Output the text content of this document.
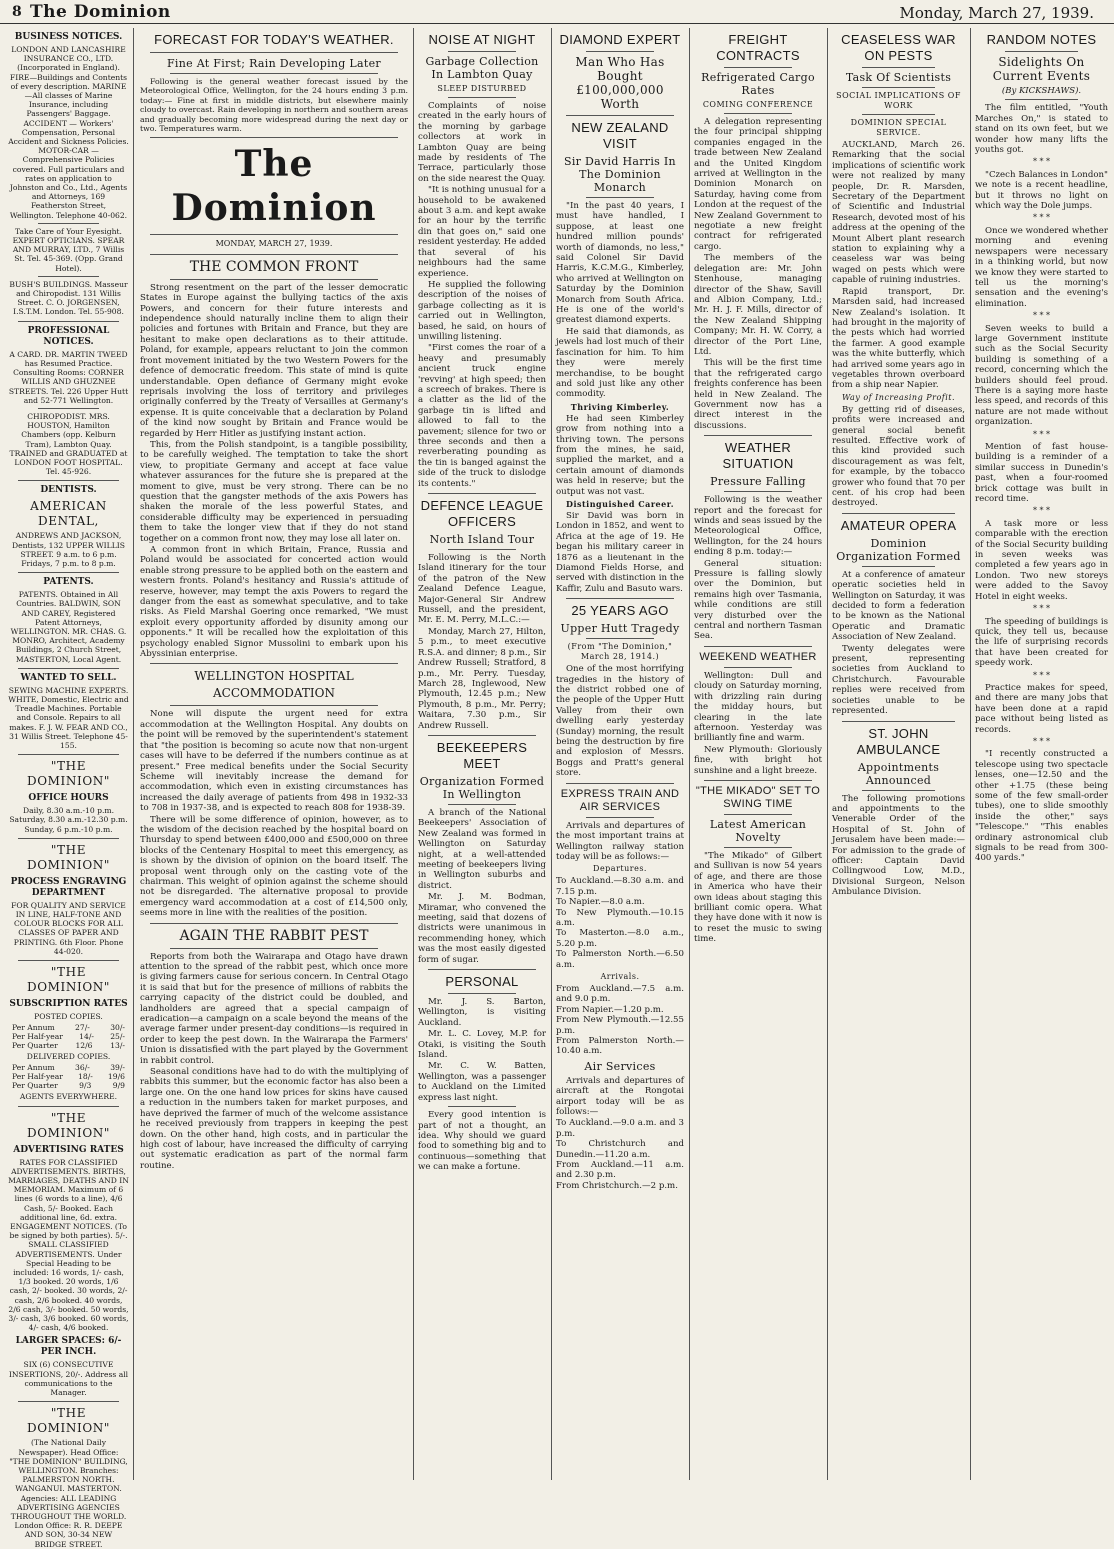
8 The Dominion	Monday, March 27, 1939.
BUSINESS NOTICES.
LONDON AND LANCASHIRE INSURANCE CO., LTD. (Incorporated in England). FIRE—Buildings and Contents of every description. MARINE—All classes of Marine Insurance, including Passengers' Baggage. ACCIDENT — Workers' Compensation, Personal Accident and Sickness Policies. MOTOR-CAR — Comprehensive Policies covered. Full particulars and rates on application to Johnston and Co., Ltd., Agents and Attorneys, 169 Featherston Street, Wellington. Telephone 40-062.
Take Care of Your Eyesight. EXPERT OPTICIANS. SPEAR AND MURRAY, LTD., 7 Willis St. Tel. 45-369. (Opp. Grand Hotel).
BUSH'S BUILDINGS. Masseur and Chiropodist. 131 Willis Street. C. O. JORGENSEN, I.S.T.M. London. Tel. 55-908.
PROFESSIONAL NOTICES.
A CARD. DR. MARTIN TWEED has Resumed Practice. Consulting Rooms: CORNER WILLIS AND GHUZNEE STREETS. Tel. 226 Upper Hutt and 52-771 Wellington.
CHIROPODIST. MRS. HOUSTON, Hamilton Chambers (opp. Kelburn Tram), Lambton Quay. TRAINED and GRADUATED at LONDON FOOT HOSPITAL. Tel. 45-926.
DENTISTS.
AMERICAN DENTAL,
ANDREWS AND JACKSON, Dentists, 132 UPPER WILLIS STREET. 9 a.m. to 6 p.m. Fridays, 7 p.m. to 8 p.m.
PATENTS.
PATENTS. Obtained in All Countries. BALDWIN, SON AND CAREY, Registered Patent Attorneys, WELLINGTON. MR. CHAS. G. MONRO, Architect, Academy Buildings, 2 Church Street, MASTERTON, Local Agent.
WANTED TO SELL.
SEWING MACHINE EXPERTS. WHITE, Domestic, Electric and Treadle Machines. Portable and Console. Repairs to all makes. F. J. W. FEAR AND CO., 31 Willis Street. Telephone 45-155.
"THE DOMINION"
OFFICE HOURS
Daily, 8.30 a.m.-10 p.m. Saturday, 8.30 a.m.-12.30 p.m. Sunday, 6 p.m.-10 p.m.
"THE DOMINION"
PROCESS ENGRAVING DEPARTMENT
FOR QUALITY AND SERVICE IN LINE, HALF-TONE AND COLOUR BLOCKS FOR ALL CLASSES OF PAPER AND PRINTING. 6th Floor. Phone 44-020.
"THE DOMINION"
SUBSCRIPTION RATES
POSTED COPIES.
Per Annum	27/-	30/-
Per Half-year 14/- 25/-
Per Quarter 12/6 13/-
DELIVERED COPIES.
Per Annum	36/-	39/-
Per Half-year 18/- 19/6
Per Quarter	9/3	9/9
AGENTS EVERYWHERE.
"THE DOMINION"
ADVERTISING RATES
RATES FOR CLASSIFIED ADVERTISEMENTS. BIRTHS, MARRIAGES, DEATHS AND IN MEMORIAM. Maximum of 6 lines (6 words to a line), 4/6 Cash, 5/- Booked. Each additional line, 6d. extra. ENGAGEMENT NOTICES. (To be signed by both parties). 5/-. SMALL CLASSIFIED ADVERTISEMENTS. Under Special Heading to be included: 16 words, 1/- cash, 1/3 booked. 20 words, 1/6 cash, 2/- booked. 30 words, 2/- cash, 2/6 booked. 40 words, 2/6 cash, 3/- booked. 50 words, 3/- cash, 3/6 booked. 60 words, 4/- cash, 4/6 booked.
LARGER SPACES: 6/- PER INCH.
SIX (6) CONSECUTIVE INSERTIONS, 20/-. Address all communications to the Manager.
"THE DOMINION"
(The National Daily Newspaper). Head Office: "THE DOMINION" BUILDING, WELLINGTON. Branches: PALMERSTON NORTH. WANGANUI. MASTERTON. Agencies: ALL LEADING ADVERTISING AGENCIES THROUGHOUT THE WORLD. London Office: R. R. DEEPE AND SON, 30-34 NEW BRIDGE STREET.
FORECAST FOR TODAY'S WEATHER.
Fine At First; Rain Developing Later

Following is the general weather forecast issued by the Meteorological Office, Wellington, for the 24 hours ending 3 p.m. today:— Fine at first in middle districts, but elsewhere mainly cloudy to overcast. Rain developing in northern and southern areas and gradually becoming more widespread during the next day or two. Temperatures warm.

The Dominion
MONDAY, MARCH 27, 1939.
THE COMMON FRONT

Strong resentment on the part of the lesser democratic States in Europe against the bullying tactics of the axis Powers, and concern for their future interests and independence should naturally incline them to align their policies and fortunes with Britain and France, but they are hesitant to make open declarations as to their attitude. Poland, for example, appears reluctant to join the common front movement initiated by the two Western Powers for the defence of democratic freedom. This state of mind is quite understandable. Open defiance of Germany might evoke reprisals involving the loss of territory and privileges originally conferred by the Treaty of Versailles at Germany's expense. It is quite conceivable that a declaration by Poland of the kind now sought by Britain and France would be regarded by Herr Hitler as justifying instant action.

This, from the Polish standpoint, is a tangible possibility, to be carefully weighed. The temptation to take the short view, to propitiate Germany and accept at face value whatever assurances for the future she is prepared at the moment to give, must be very strong. There can be no question that the gangster methods of the axis Powers has shaken the morale of the less powerful States, and considerable difficulty may be experienced in persuading them to take the longer view that if they do not stand together on a common front now, they may lose all later on.

A common front in which Britain, France, Russia and Poland would be associated for concerted action would enable strong pressure to be applied both on the eastern and western fronts. Poland's hesitancy and Russia's attitude of reserve, however, may tempt the axis Powers to regard the danger from the east as somewhat speculative, and to take risks. As Field Marshal Goering once remarked, "We must exploit every opportunity afforded by disunity among our opponents." It will be recalled how the exploitation of this psychology enabled Signor Mussolini to embark upon his Abyssinian enterprise.

WELLINGTON HOSPITAL ACCOMMODATION

None will dispute the urgent need for extra accommodation at the Wellington Hospital. Any doubts on the point will be removed by the superintendent's statement that "the position is becoming so acute now that non-urgent cases will have to be deferred if the numbers continue as at present." Free medical benefits under the Social Security Scheme will inevitably increase the demand for accommodation, which even in existing circumstances has increased the daily average of patients from 498 in 1932-33 to 708 in 1937-38, and is expected to reach 808 for 1938-39.

There will be some difference of opinion, however, as to the wisdom of the decision reached by the hospital board on Thursday to spend between £400,000 and £500,000 on three blocks of the Centenary Hospital to meet this emergency, as is shown by the division of opinion on the board itself. The proposal went through only on the casting vote of the chairman. This weight of opinion against the scheme should not be disregarded. The alternative proposal to provide emergency ward accommodation at a cost of £14,500 only, seems more in line with the realities of the position.

AGAIN THE RABBIT PEST

Reports from both the Wairarapa and Otago have drawn attention to the spread of the rabbit pest, which once more is giving farmers cause for serious concern. In Central Otago it is said that but for the presence of millions of rabbits the carrying capacity of the district could be doubled, and landholders are agreed that a special campaign of eradication—a campaign on a scale beyond the means of the average farmer under present-day conditions—is required in order to keep the pest down. In the Wairarapa the Farmers' Union is dissatisfied with the part played by the Government in rabbit control.

Seasonal conditions have had to do with the multiplying of rabbits this summer, but the economic factor has also been a large one. On the one hand low prices for skins have caused a reduction in the numbers taken for market purposes, and have deprived the farmer of much of the welcome assistance he received previously from trappers in keeping the pest down. On the other hand, high costs, and in particular the high cost of labour, have increased the difficulty of carrying out systematic eradication as part of the normal farm routine.

NOISE AT NIGHT
Garbage Collection In Lambton Quay
SLEEP DISTURBED

Complaints of noise created in the early hours of the morning by garbage collectors at work in Lambton Quay are being made by residents of The Terrace, particularly those on the side nearest the Quay.

"It is nothing unusual for a household to be awakened about 3 a.m. and kept awake for an hour by the terrific din that goes on," said one resident yesterday. He added that several of his neighbours had the same experience.

He supplied the following description of the noises of garbage collecting as it is carried out in Wellington, based, he said, on hours of unwilling listening.

"First comes the roar of a heavy and presumably ancient truck engine 'revving' at high speed; then a screech of brakes. There is a clatter as the lid of the garbage tin is lifted and allowed to fall to the pavement; silence for two or three seconds and then a reverberating pounding as the tin is banged against the side of the truck to dislodge its contents."

DEFENCE LEAGUE OFFICERS
North Island Tour

Following is the North Island itinerary for the tour of the patron of the New Zealand Defence League, Major-General Sir Andrew Russell, and the president, Mr. E. M. Perry, M.L.C.:—

Monday, March 27, Hilton, 5 p.m., to meet executive R.S.A. and dinner; 8 p.m., Sir Andrew Russell; Stratford, 8 p.m., Mr. Perry. Tuesday, March 28, Inglewood, New Plymouth, 12.45 p.m.; New Plymouth, 8 p.m., Mr. Perry; Waitara, 7.30 p.m., Sir Andrew Russell.

BEEKEEPERS MEET
Organization Formed In Wellington

A branch of the National Beekeepers' Association of New Zealand was formed in Wellington on Saturday night, at a well-attended meeting of beekeepers living in Wellington suburbs and district.

Mr. J. M. Bodman, Miramar, who convened the meeting, said that dozens of districts were unanimous in recommending honey, which was the most easily digested form of sugar.

PERSONAL

Mr. J. S. Barton, Wellington, is visiting Auckland.

Mr. L. C. Lovey, M.P. for Otaki, is visiting the South Island.

Mr. C. W. Batten, Wellington, was a passenger to Auckland on the Limited express last night.

Every good intention is part of not a thought, an idea. Why should we guard food to something big and to continuous—something that we can make a fortune.

DIAMOND EXPERT
Man Who Has Bought £100,000,000 Worth
NEW ZEALAND VISIT
Sir David Harris In The Dominion Monarch

"In the past 40 years, I must have handled, I suppose, at least one hundred million pounds' worth of diamonds, no less," said Colonel Sir David Harris, K.C.M.G., Kimberley, who arrived at Wellington on Saturday by the Dominion Monarch from South Africa. He is one of the world's greatest diamond experts.

He said that diamonds, as jewels had lost much of their fascination for him. To him they were merely merchandise, to be bought and sold just like any other commodity.

Thriving Kimberley.

He had seen Kimberley grow from nothing into a thriving town. The persons from the mines, he said, supplied the market, and a certain amount of diamonds was held in reserve; but the output was not vast.

Distinguished Career.

Sir David was born in London in 1852, and went to Africa at the age of 19. He began his military career in 1876 as a lieutenant in the Diamond Fields Horse, and served with distinction in the Kaffir, Zulu and Basuto wars.

25 YEARS AGO
Upper Hutt Tragedy
(From "The Dominion," March 28, 1914.)

One of the most horrifying tragedies in the history of the district robbed one of the people of the Upper Hutt Valley from their own dwelling early yesterday (Sunday) morning, the result being the destruction by fire and explosion of Messrs. Boggs and Pratt's general store.

EXPRESS TRAIN AND AIR SERVICES

Arrivals and departures of the most important trains at Wellington railway station today will be as follows:—

Departures.

To Auckland.—8.30 a.m. and 7.15 p.m.

To Napier.—8.0 a.m.

To New Plymouth.—10.15 a.m.

To Masterton.—8.0 a.m., 5.20 p.m.

To Palmerston North.—6.50 a.m.

Arrivals.

From Auckland.—7.5 a.m. and 9.0 p.m.

From Napier.—1.20 p.m.

From New Plymouth.—12.55 p.m.

From Palmerston North.—10.40 a.m.

Air Services

Arrivals and departures of aircraft at the Rongotai airport today will be as follows:—

To Auckland.—9.0 a.m. and 3 p.m.

To Christchurch and Dunedin.—11.20 a.m.

From Auckland.—11 a.m. and 2.30 p.m.

From Christchurch.—2 p.m.

FREIGHT CONTRACTS
Refrigerated Cargo Rates
COMING CONFERENCE

A delegation representing the four principal shipping companies engaged in the trade between New Zealand and the United Kingdom arrived at Wellington in the Dominion Monarch on Saturday, having come from London at the request of the New Zealand Government to negotiate a new freight contract for refrigerated cargo.

The members of the delegation are: Mr. John Stenhouse, managing director of the Shaw, Savill and Albion Company, Ltd.; Mr. H. J. F. Mills, director of the New Zealand Shipping Company; Mr. H. W. Corry, a director of the Port Line, Ltd.

This will be the first time that the refrigerated cargo freights conference has been held in New Zealand. The Government now has a direct interest in the discussions.

WEATHER SITUATION
Pressure Falling

Following is the weather report and the forecast for winds and seas issued by the Meteorological Office, Wellington, for the 24 hours ending 8 p.m. today:—

General situation: Pressure is falling slowly over the Dominion, but remains high over Tasmania, while conditions are still very disturbed over the central and northern Tasman Sea.

WEEKEND WEATHER

Wellington: Dull and cloudy on Saturday morning, with drizzling rain during the midday hours, but clearing in the late afternoon. Yesterday was brilliantly fine and warm.

New Plymouth: Gloriously fine, with bright hot sunshine and a light breeze.

"THE MIKADO" SET TO SWING TIME
Latest American Novelty

"The Mikado" of Gilbert and Sullivan is now 54 years of age, and there are those in America who have their own ideas about staging this brilliant comic opera. What they have done with it now is to reset the music to swing time.

CEASELESS WAR ON PESTS
Task Of Scientists
SOCIAL IMPLICATIONS OF WORK
DOMINION SPECIAL SERVICE.

AUCKLAND, March 26. Remarking that the social implications of scientific work were not realized by many people, Dr. R. Marsden, Secretary of the Department of Scientific and Industrial Research, devoted most of his address at the opening of the Mount Albert plant research station to explaining why a ceaseless war was being waged on pests which were capable of ruining industries.

Rapid transport, Dr. Marsden said, had increased New Zealand's isolation. It had brought in the majority of the pests which had worried the farmer. A good example was the white butterfly, which had arrived some years ago in vegetables thrown overboard from a ship near Napier.

Way of Increasing Profit.

By getting rid of diseases, profits were increased and general social benefit resulted. Effective work of this kind provided such discouragement as was felt, for example, by the tobacco grower who found that 70 per cent. of his crop had been destroyed.

AMATEUR OPERA
Dominion Organization Formed

At a conference of amateur operatic societies held in Wellington on Saturday, it was decided to form a federation to be known as the National Operatic and Dramatic Association of New Zealand.

Twenty delegates were present, representing societies from Auckland to Christchurch. Favourable replies were received from societies unable to be represented.

ST. JOHN AMBULANCE
Appointments Announced

The following promotions and appointments to the Venerable Order of the Hospital of St. John of Jerusalem have been made:— For admission to the grade of officer: Captain David Collingwood Low, M.D., Divisional Surgeon, Nelson Ambulance Division.

RANDOM NOTES
Sidelights On Current Events
(By KICKSHAWS).

The film entitled, "Youth Marches On," is stated to stand on its own feet, but we wonder how many lifts the youths got.

* * *

"Czech Balances in London" we note is a recent headline, but it throws no light on which way the Dole jumps.

* * *

Once we wondered whether morning and evening newspapers were necessary in a thinking world, but now we know they were started to tell us the morning's sensation and the evening's elimination.

* * *

Seven weeks to build a large Government institute such as the Social Security building is something of a record, concerning which the builders should feel proud. There is a saying more haste less speed, and records of this nature are not made without organization.

* * *

Mention of fast house-building is a reminder of a similar success in Dunedin's past, when a four-roomed brick cottage was built in record time.

* * *

A task more or less comparable with the erection of the Social Security building in seven weeks was completed a few years ago in London. Two new storeys were added to the Savoy Hotel in eight weeks.

* * *

The speeding of buildings is quick, they tell us, because the life of surprising records that have been created for speedy work.

* * *

Practice makes for speed, and there are many jobs that have been done at a rapid pace without being listed as records.

* * *

"I recently constructed a telescope using two spectacle lenses, one—12.50 and the other +1.75 (these being some of the few small-order tubes), one to slide smoothly inside the other," says "Telescope." "This enables ordinary astronomical club signals to be read from 300-400 yards."
